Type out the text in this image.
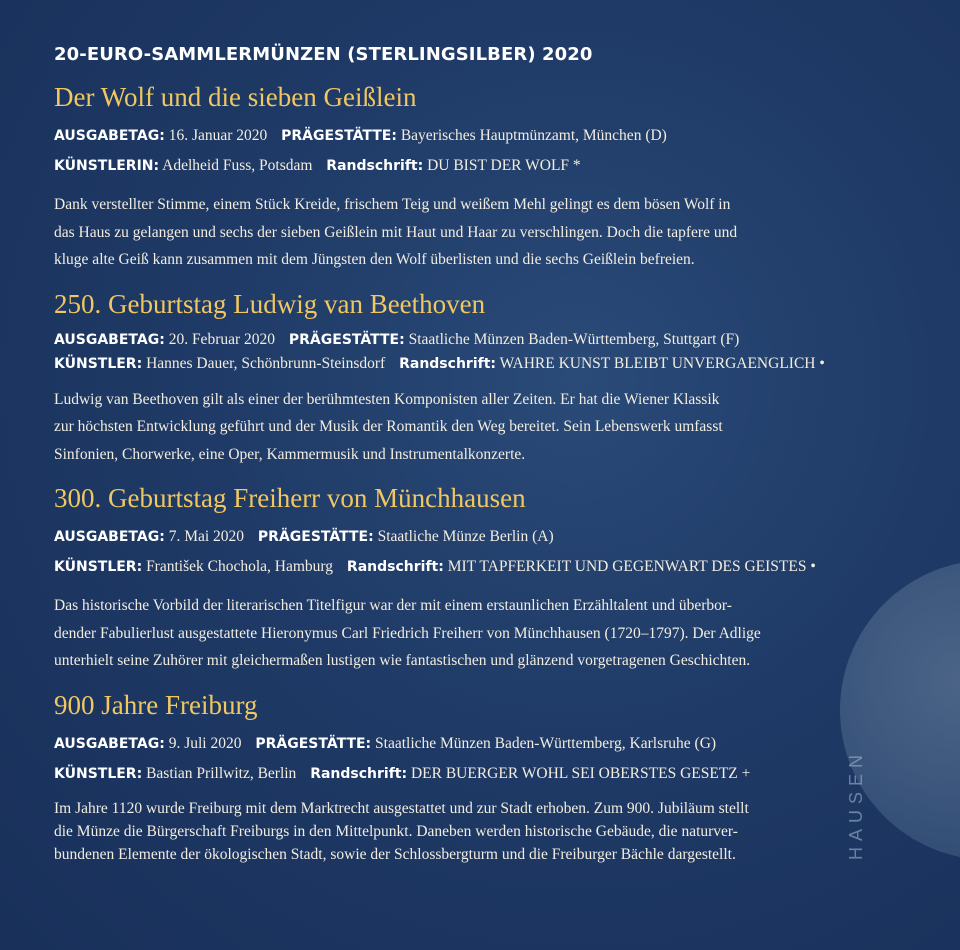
HAUSEN
20-EURO-SAMMLERMÜNZEN (STERLINGSILBER) 2020
Der Wolf und die sieben Geißlein
AUSGABETAG: 16. Januar 2020 PRÄGESTÄTTE: Bayerisches Hauptmünzamt, München (D)
KÜNSTLERIN: Adelheid Fuss, Potsdam Randschrift: DU BIST DER WOLF *
Dank verstellter Stimme, einem Stück Kreide, frischem Teig und weißem Mehl gelingt es dem bösen Wolf in
das Haus zu gelangen und sechs der sieben Geißlein mit Haut und Haar zu verschlingen. Doch die tapfere und
kluge alte Geiß kann zusammen mit dem Jüngsten den Wolf überlisten und die sechs Geißlein befreien.
250. Geburtstag Ludwig van Beethoven
AUSGABETAG: 20. Februar 2020 PRÄGESTÄTTE: Staatliche Münzen Baden-Württemberg, Stuttgart (F)
KÜNSTLER: Hannes Dauer, Schönbrunn-Steinsdorf Randschrift: WAHRE KUNST BLEIBT UNVERGAENGLICH •
Ludwig van Beethoven gilt als einer der berühmtesten Komponisten aller Zeiten. Er hat die Wiener Klassik
zur höchsten Entwicklung geführt und der Musik der Romantik den Weg bereitet. Sein Lebenswerk umfasst
Sinfonien, Chorwerke, eine Oper, Kammermusik und Instrumentalkonzerte.
300. Geburtstag Freiherr von Münchhausen
AUSGABETAG: 7. Mai 2020 PRÄGESTÄTTE: Staatliche Münze Berlin (A)
KÜNSTLER: František Chochola, Hamburg Randschrift: MIT TAPFERKEIT UND GEGENWART DES GEISTES •
Das historische Vorbild der literarischen Titelfigur war der mit einem erstaunlichen Erzähltalent und überbor-
dender Fabulierlust ausgestattete Hieronymus Carl Friedrich Freiherr von Münchhausen (1720–1797). Der Adlige
unterhielt seine Zuhörer mit gleichermaßen lustigen wie fantastischen und glänzend vorgetragenen Geschichten.
900 Jahre Freiburg
AUSGABETAG: 9. Juli 2020 PRÄGESTÄTTE: Staatliche Münzen Baden-Württemberg, Karlsruhe (G)
KÜNSTLER: Bastian Prillwitz, Berlin Randschrift: DER BUERGER WOHL SEI OBERSTES GESETZ +
Im Jahre 1120 wurde Freiburg mit dem Marktrecht ausgestattet und zur Stadt erhoben. Zum 900. Jubiläum stellt
die Münze die Bürgerschaft Freiburgs in den Mittelpunkt. Daneben werden historische Gebäude, die naturver-
bundenen Elemente der ökologischen Stadt, sowie der Schlossbergturm und die Freiburger Bächle dargestellt.
